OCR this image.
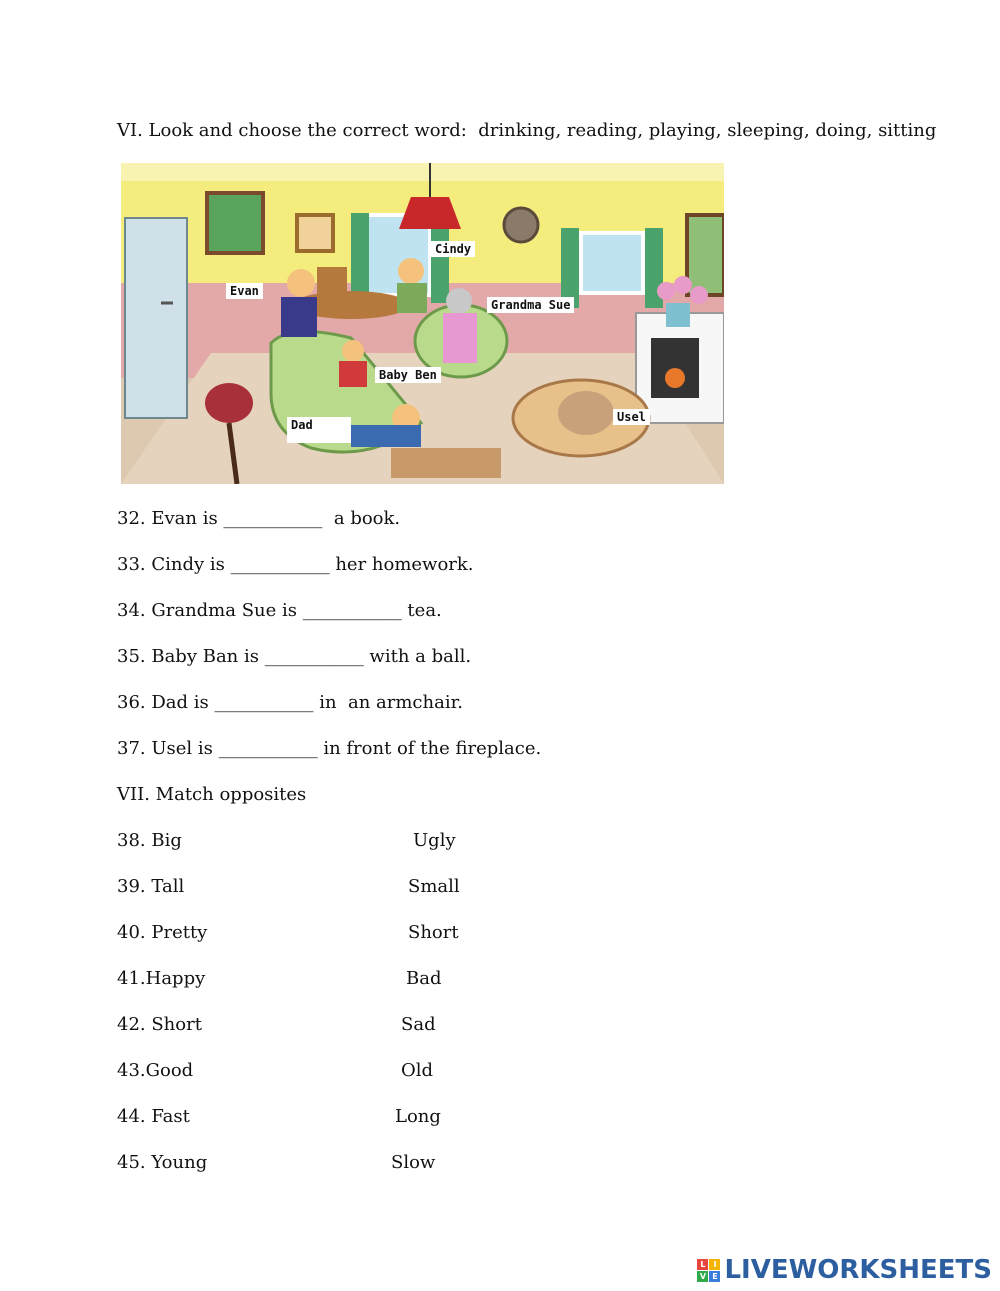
VI. Look and choose the correct word:  drinking, reading, playing, sleeping, doing, sitting
Cindy
Evan
Grandma Sue
Baby Ben
Dad
Usel
32. Evan is ___________  a book.
33. Cindy is ___________ her homework.
34. Grandma Sue is ___________ tea.
35. Baby Ban is ___________ with a ball.
36. Dad is ___________ in  an armchair.
37. Usel is ___________ in front of the fireplace.
VII. Match opposites
38. Big
39. Tall
40. Pretty
41.Happy
42. Short
43.Good
44. Fast
45. Young
Ugly
Small
Short
Bad
Sad
Old
Long
Slow
L I
V E LIVEWORKSHEETS
